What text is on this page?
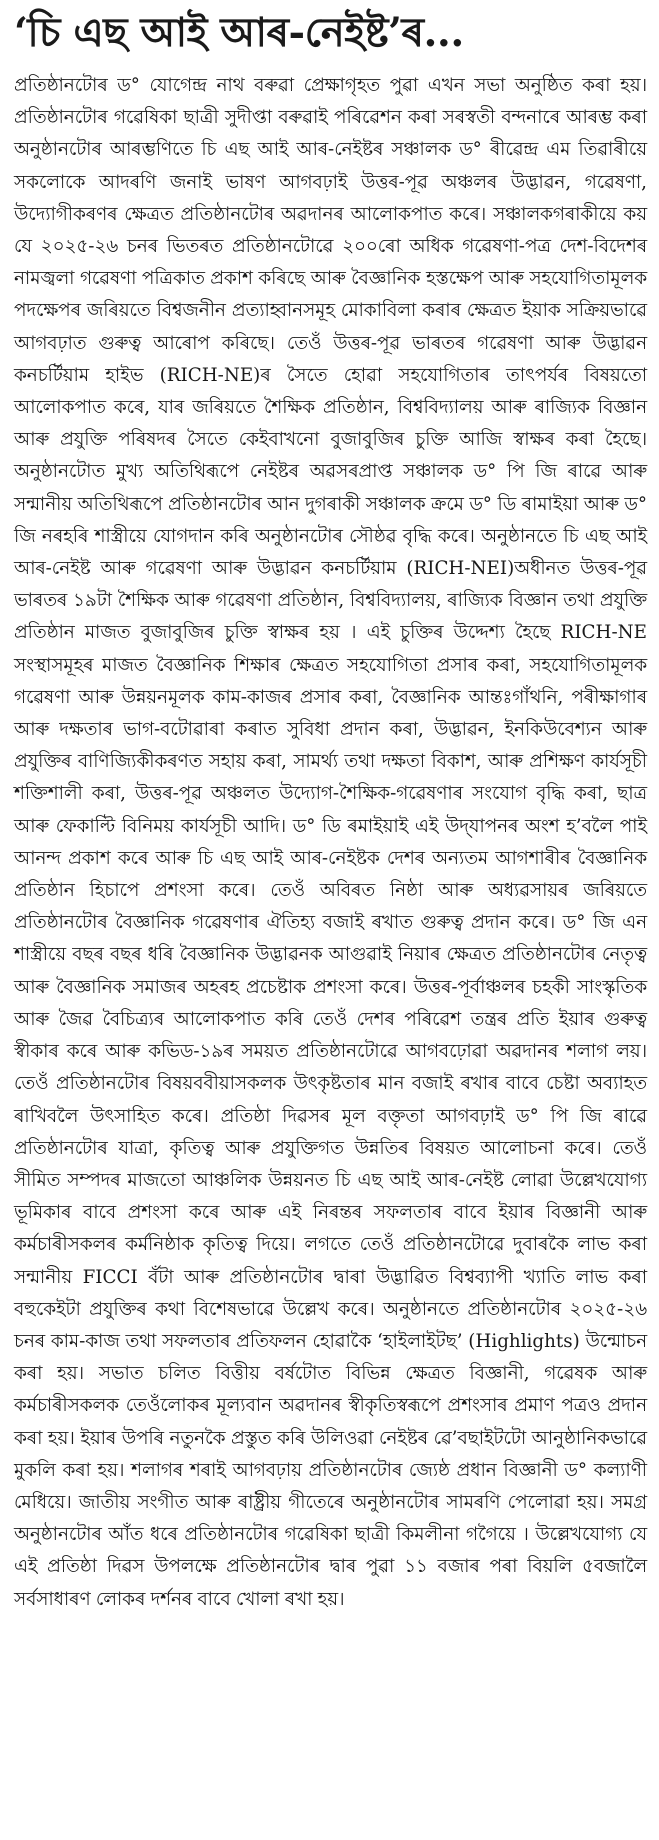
‘চি এছ আই আৰ-নেইষ্ট’ৰ...

প্ৰতিষ্ঠানটোৰ ড° যোগেন্দ্ৰ নাথ বৰুৱা প্ৰেক্ষাগৃহত পুৱা এখন সভা অনুষ্ঠিত কৰা হয়। প্ৰতিষ্ঠানটোৰ গৱেষিকা ছাত্ৰী সুদীপ্তা বৰুৱাই পৰিৱেশন কৰা সৰস্বতী বন্দনাৰে আৰম্ভ কৰা অনুষ্ঠানটোৰ আৰম্ভণিতে চি এছ আই আৰ-নেইষ্টৰ সঞ্চালক ড° ৰীৱেন্দ্ৰ এম তিৱাৰীয়ে সকলোকে আদৰণি জনাই ভাষণ আগবঢ়াই উত্তৰ-পূৱ অঞ্চলৰ উদ্ভাৱন, গৱেষণা, উদ্যোগীকৰণৰ ক্ষেত্ৰত প্ৰতিষ্ঠানটোৰ অৱদানৰ আলোকপাত কৰে। সঞ্চালকগৰাকীয়ে কয় যে ২০২৫-২৬ চনৰ ভিতৰত প্ৰতিষ্ঠানটোৱে ২০০ৰো অধিক গৱেষণা-পত্ৰ দেশ-বিদেশৰ নামজ্বলা গৱেষণা পত্ৰিকাত প্ৰকাশ কৰিছে আৰু বৈজ্ঞানিক হস্তক্ষেপ আৰু সহযোগিতামূলক পদক্ষেপৰ জৰিয়তে বিশ্বজনীন প্ৰত্যাহ্বানসমূহ মোকাবিলা কৰাৰ ক্ষেত্ৰত ইয়াক সক্ৰিয়ভাৱে আগবঢ়াত গুৰুত্ব আৰোপ কৰিছে। তেওঁ উত্তৰ-পূৱ ভাৰতৰ গৱেষণা আৰু উদ্ভাৱন কনচৰ্টিয়াম হাইভ (RICH-NE)ৰ সৈতে হোৱা সহযোগিতাৰ তাৎপৰ্যৰ বিষয়তো আলোকপাত কৰে, যাৰ জৰিয়তে শৈক্ষিক প্ৰতিষ্ঠান, বিশ্ববিদ্যালয় আৰু ৰাজ্যিক বিজ্ঞান আৰু প্ৰযুক্তি পৰিষদৰ সৈতে কেইবাখনো বুজাবুজিৰ চুক্তি আজি স্বাক্ষৰ কৰা হৈছে। অনুষ্ঠানটোত মুখ্য অতিথিৰূপে নেইষ্টৰ অৱসৰপ্ৰাপ্ত সঞ্চালক ড° পি জি ৰাৱে আৰু সন্মানীয় অতিথিৰূপে প্ৰতিষ্ঠানটোৰ আন দুগৰাকী সঞ্চালক ক্ৰমে ড° ডি ৰামাইয়া আৰু ড° জি নৰহৰি শাস্ত্ৰীয়ে যোগদান কৰি অনুষ্ঠানটোৰ সৌষ্ঠৱ বৃদ্ধি কৰে। অনুষ্ঠানতে চি এছ আই আৰ-নেইষ্ট আৰু গৱেষণা আৰু উদ্ভাৱন কনচৰ্টিয়াম (RICH-NEI)অধীনত উত্তৰ-পূৱ ভাৰতৰ ১৯টা শৈক্ষিক আৰু গৱেষণা প্ৰতিষ্ঠান, বিশ্ববিদ্যালয়, ৰাজ্যিক বিজ্ঞান তথা প্ৰযুক্তি প্ৰতিষ্ঠান মাজত বুজাবুজিৰ চুক্তি স্বাক্ষৰ হয় । এই চুক্তিৰ উদ্দেশ্য হৈছে RICH-NE সংস্থাসমূহৰ মাজত বৈজ্ঞানিক শিক্ষাৰ ক্ষেত্ৰত সহযোগিতা প্ৰসাৰ কৰা, সহযোগিতামূলক গৱেষণা আৰু উন্নয়নমূলক কাম-কাজৰ প্ৰসাৰ কৰা, বৈজ্ঞানিক আন্তঃগাঁথনি, পৰীক্ষাগাৰ আৰু দক্ষতাৰ ভাগ-বটোৱাৰা কৰাত সুবিধা প্ৰদান কৰা, উদ্ভাৱন, ইনকিউবেশ্যন আৰু প্ৰযুক্তিৰ বাণিজ্যিকীকৰণত সহায় কৰা, সামৰ্থ্য তথা দক্ষতা বিকাশ, আৰু প্ৰশিক্ষণ কাৰ্যসূচী শক্তিশালী কৰা, উত্তৰ-পূৱ অঞ্চলত উদ্যোগ-শৈক্ষিক-গৱেষণাৰ সংযোগ বৃদ্ধি কৰা, ছাত্ৰ আৰু ফেকাল্টি বিনিময় কাৰ্যসূচী আদি। ড° ডি ৰমাইয়াই এই উদ্‌যাপনৰ অংশ হ’বলৈ পাই আনন্দ প্ৰকাশ কৰে আৰু চি এছ আই আৰ-নেইষ্টক দেশৰ অন্যতম আগশাৰীৰ বৈজ্ঞানিক প্ৰতিষ্ঠান হিচাপে প্ৰশংসা কৰে। তেওঁ অবিৰত নিষ্ঠা আৰু অধ্যৱসায়ৰ জৰিয়তে প্ৰতিষ্ঠানটোৰ বৈজ্ঞানিক গৱেষণাৰ ঐতিহ্য বজাই ৰখাত গুৰুত্ব প্ৰদান কৰে। ড° জি এন শাস্ত্ৰীয়ে বছৰ বছৰ ধৰি বৈজ্ঞানিক উদ্ভাৱনক আগুৱাই নিয়াৰ ক্ষেত্ৰত প্ৰতিষ্ঠানটোৰ নেতৃত্ব আৰু বৈজ্ঞানিক সমাজৰ অহৰহ প্ৰচেষ্টাক প্ৰশংসা কৰে। উত্তৰ-পূৰ্বাঞ্চলৰ চহকী সাংস্কৃতিক আৰু জৈৱ বৈচিত্ৰ্যৰ আলোকপাত কৰি তেওঁ দেশৰ পৰিৱেশ তন্ত্ৰৰ প্ৰতি ইয়াৰ গুৰুত্ব স্বীকাৰ কৰে আৰু কভিড-১৯ৰ সময়ত প্ৰতিষ্ঠানটোৱে আগবঢ়োৱা অৱদানৰ শলাগ লয়। তেওঁ প্ৰতিষ্ঠানটোৰ বিষয়ববীয়াসকলক উৎকৃষ্টতাৰ মান বজাই ৰখাৰ বাবে চেষ্টা অব্যাহত ৰাখিবলৈ উৎসাহিত কৰে। প্ৰতিষ্ঠা দিৱসৰ মূল বক্তৃতা আগবঢ়াই ড° পি জি ৰাৱে প্ৰতিষ্ঠানটোৰ যাত্ৰা, কৃতিত্ব আৰু প্ৰযুক্তিগত উন্নতিৰ বিষয়ত আলোচনা কৰে। তেওঁ সীমিত সম্পদৰ মাজতো আঞ্চলিক উন্নয়নত চি এছ আই আৰ-নেইষ্ট লোৱা উল্লেখযোগ্য ভূমিকাৰ বাবে প্ৰশংসা কৰে আৰু এই নিৰন্তৰ সফলতাৰ বাবে ইয়াৰ বিজ্ঞানী আৰু কৰ্মচাৰীসকলৰ কৰ্মনিষ্ঠাক কৃতিত্ব দিয়ে। লগতে তেওঁ প্ৰতিষ্ঠানটোৱে দুবাৰকৈ লাভ কৰা সন্মানীয় FICCI বঁটা আৰু প্ৰতিষ্ঠানটোৰ দ্বাৰা উদ্ভাৱিত বিশ্বব্যাপী খ্যাতি লাভ কৰা বহুকেইটা প্ৰযুক্তিৰ কথা বিশেষভাৱে উল্লেখ কৰে। অনুষ্ঠানতে প্ৰতিষ্ঠানটোৰ ২০২৫-২৬ চনৰ কাম-কাজ তথা সফলতাৰ প্ৰতিফলন হোৱাকৈ ‘হাইলাইটছ’ (Highlights) উন্মোচন কৰা হয়। সভাত চলিত বিত্তীয় বৰ্ষটোত বিভিন্ন ক্ষেত্ৰত বিজ্ঞানী, গৱেষক আৰু কৰ্মচাৰীসকলক তেওঁলোকৰ মূল্যবান অৱদানৰ স্বীকৃতিস্বৰূপে প্ৰশংসাৰ প্ৰমাণ পত্ৰও প্ৰদান কৰা হয়। ইয়াৰ উপৰি নতুনকৈ প্ৰস্তুত কৰি উলিওৱা নেইষ্টৰ ৱে’বছাইটটো আনুষ্ঠানিকভাৱে মুকলি কৰা হয়। শলাগৰ শৰাই আগবঢ়ায় প্ৰতিষ্ঠানটোৰ জ্যেষ্ঠ প্ৰধান বিজ্ঞানী ড° কল্যাণী মেধিয়ে। জাতীয় সংগীত আৰু ৰাষ্ট্ৰীয় গীতেৰে অনুষ্ঠানটোৰ সামৰণি পেলোৱা হয়। সমগ্ৰ অনুষ্ঠানটোৰ আঁত ধৰে প্ৰতিষ্ঠানটোৰ গৱেষিকা ছাত্ৰী কিমলীনা গগৈয়ে । উল্লেখযোগ্য যে এই প্ৰতিষ্ঠা দিৱস উপলক্ষে প্ৰতিষ্ঠানটোৰ দ্বাৰ পুৱা ১১ বজাৰ পৰা বিয়লি ৫বজালৈ সৰ্বসাধাৰণ লোকৰ দৰ্শনৰ বাবে খোলা ৰখা হয়।
